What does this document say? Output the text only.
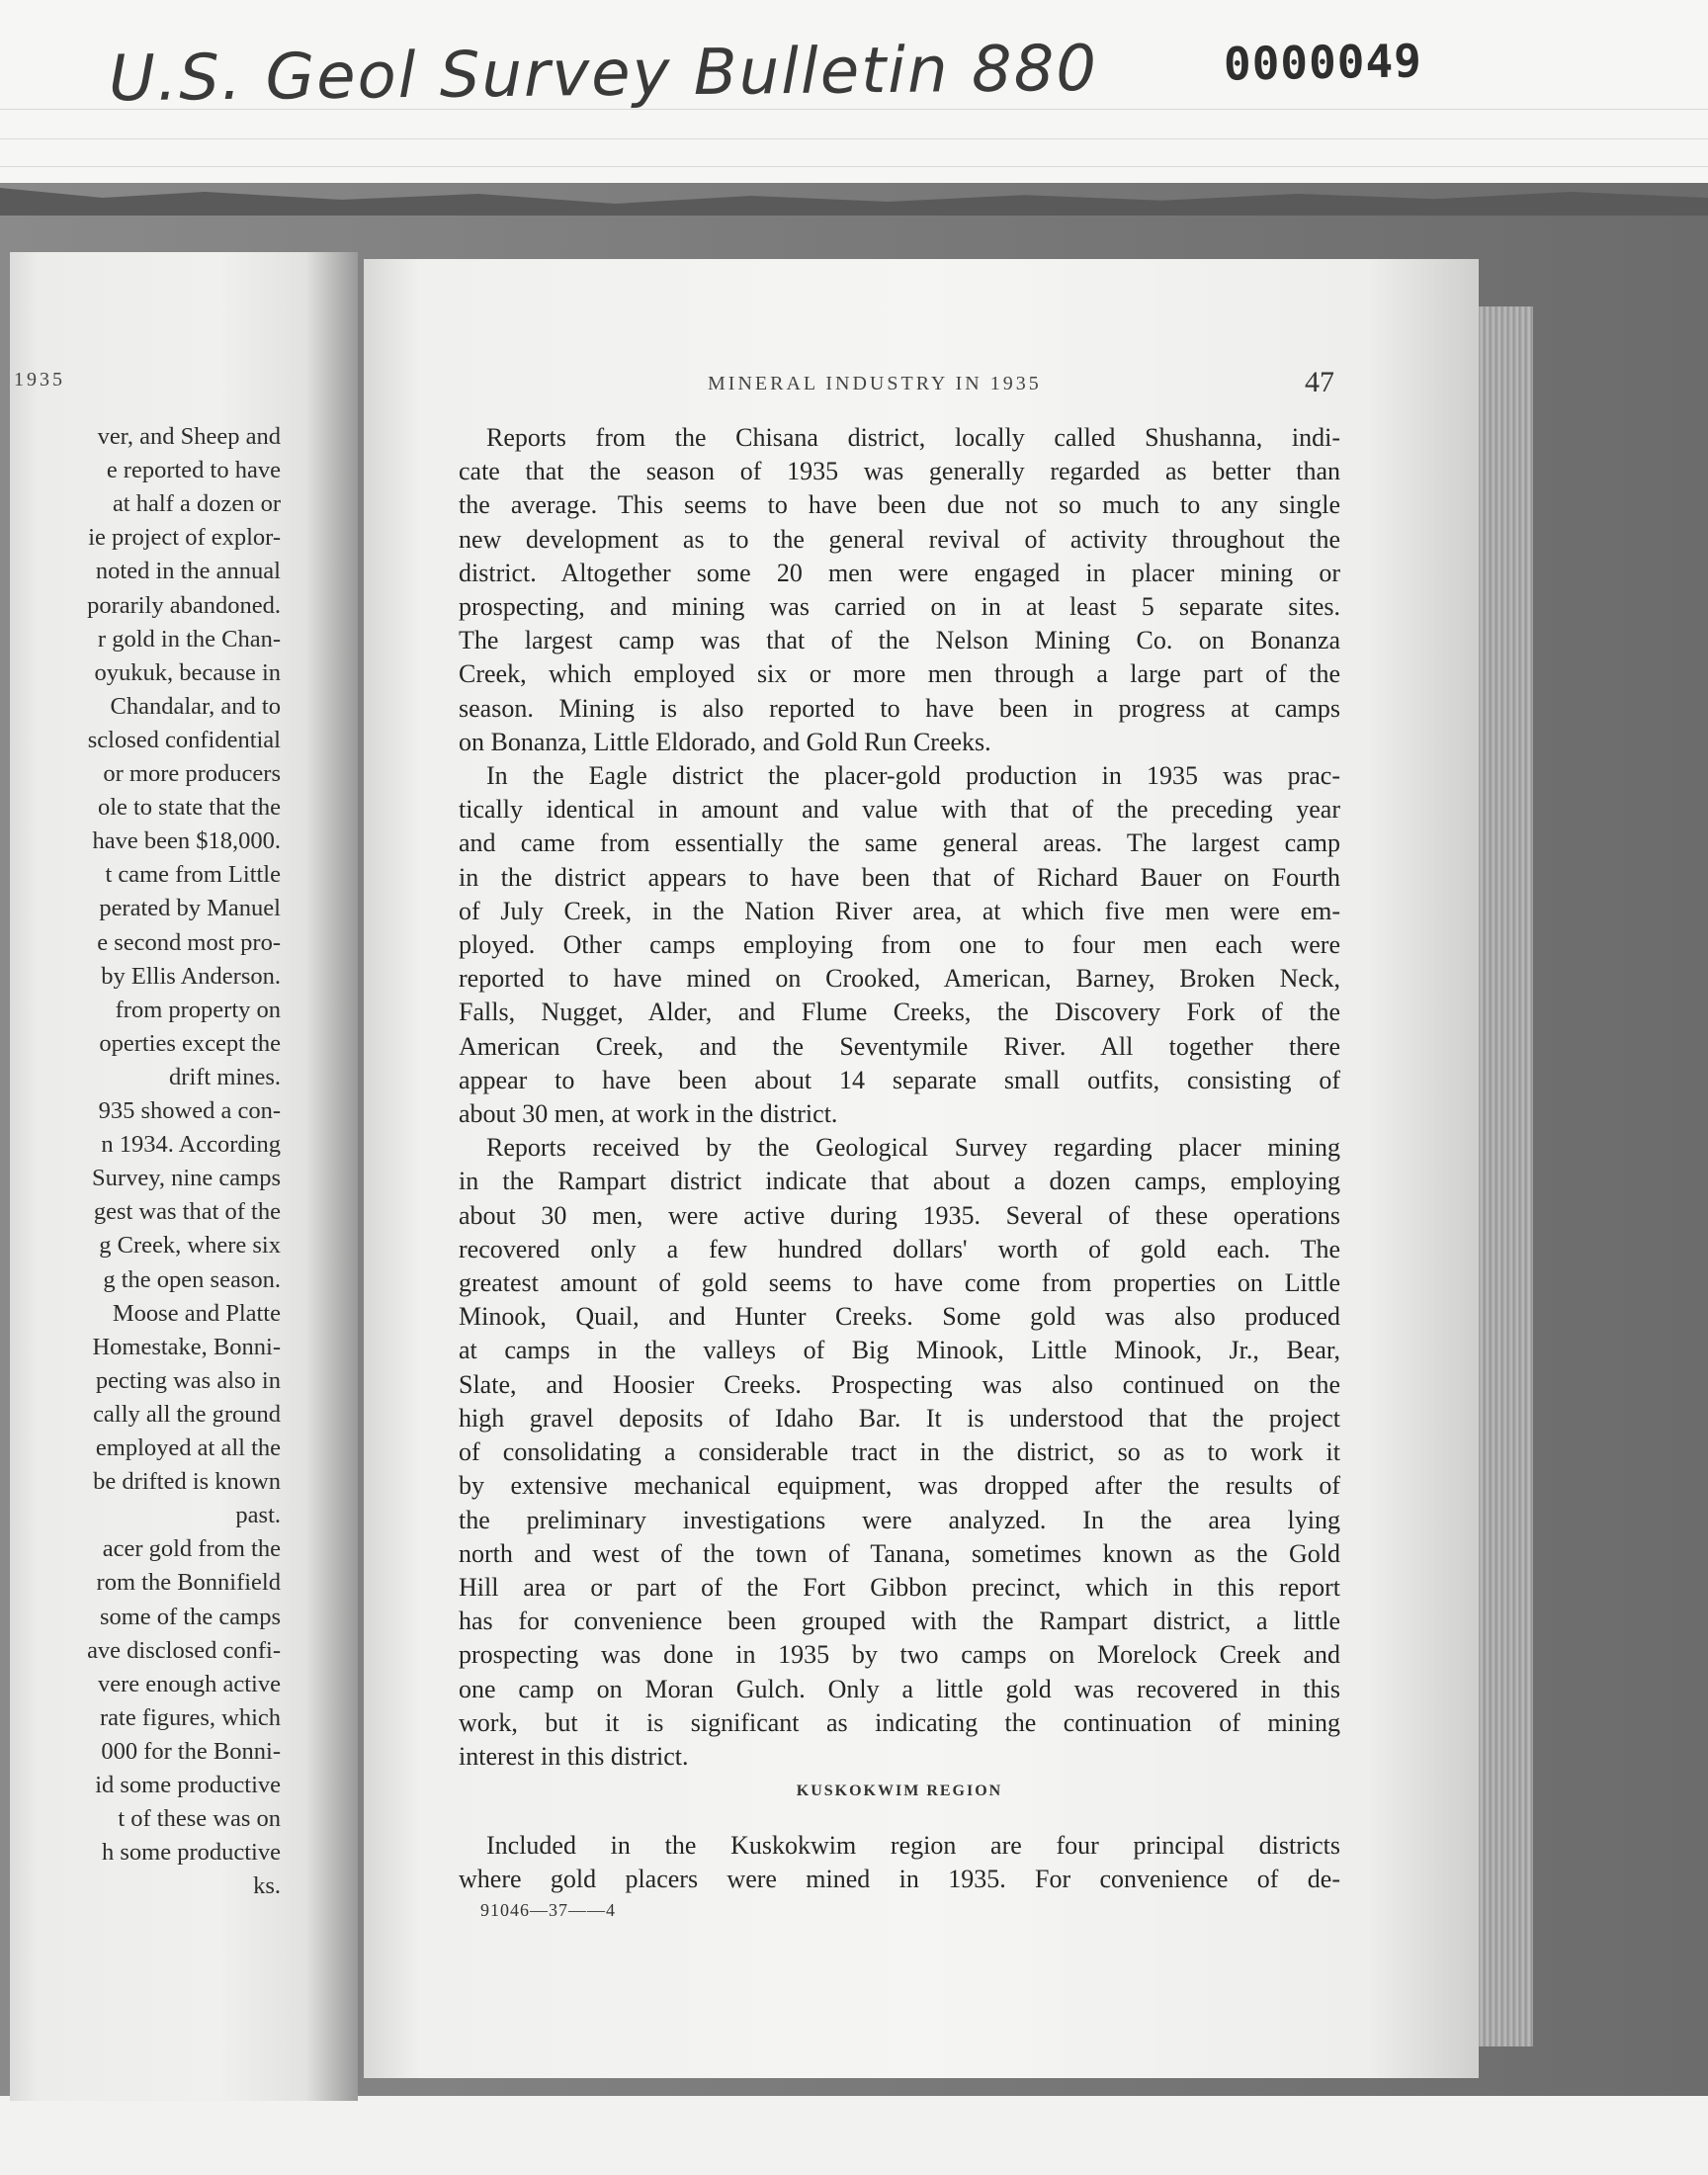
U.S. Geol Survey Bulletin 880	0000049
1935
ver, and Sheep and
e reported to have
at half a dozen or
ie project of explor-
noted in the annual
porarily abandoned.
r gold in the Chan-
oyukuk, because in
Chandalar, and to
sclosed confidential
or more producers
ole to state that the
have been $18,000.
t came from Little
perated by Manuel
e second most pro-
by Ellis Anderson.
from property on
operties except the
drift mines.
935 showed a con-
n 1934. According
Survey, nine camps
gest was that of the
g Creek, where six
g the open season.
Moose and Platte
Homestake, Bonni-
pecting was also in
cally all the ground
employed at all the
be drifted is known
past.
acer gold from the
rom the Bonnifield
some of the camps
ave disclosed confi-
vere enough active
rate figures, which
000 for the Bonni-
id some productive
t of these was on
h some productive
ks.
MINERAL INDUSTRY IN 1935	47
Reports from the Chisana district, locally called Shushanna, indi-
cate that the season of 1935 was generally regarded as better than
the average. This seems to have been due not so much to any single
new development as to the general revival of activity throughout the
district. Altogether some 20 men were engaged in placer mining or
prospecting, and mining was carried on in at least 5 separate sites.
The largest camp was that of the Nelson Mining Co. on Bonanza
Creek, which employed six or more men through a large part of the
season. Mining is also reported to have been in progress at camps
on Bonanza, Little Eldorado, and Gold Run Creeks.
In the Eagle district the placer-gold production in 1935 was prac-
tically identical in amount and value with that of the preceding year
and came from essentially the same general areas. The largest camp
in the district appears to have been that of Richard Bauer on Fourth
of July Creek, in the Nation River area, at which five men were em-
ployed. Other camps employing from one to four men each were
reported to have mined on Crooked, American, Barney, Broken Neck,
Falls, Nugget, Alder, and Flume Creeks, the Discovery Fork of the
American Creek, and the Seventymile River. All together there
appear to have been about 14 separate small outfits, consisting of
about 30 men, at work in the district.
Reports received by the Geological Survey regarding placer mining
in the Rampart district indicate that about a dozen camps, employing
about 30 men, were active during 1935. Several of these operations
recovered only a few hundred dollars' worth of gold each. The
greatest amount of gold seems to have come from properties on Little
Minook, Quail, and Hunter Creeks. Some gold was also produced
at camps in the valleys of Big Minook, Little Minook, Jr., Bear,
Slate, and Hoosier Creeks. Prospecting was also continued on the
high gravel deposits of Idaho Bar. It is understood that the project
of consolidating a considerable tract in the district, so as to work it
by extensive mechanical equipment, was dropped after the results of
the preliminary investigations were analyzed. In the area lying
north and west of the town of Tanana, sometimes known as the Gold
Hill area or part of the Fort Gibbon precinct, which in this report
has for convenience been grouped with the Rampart district, a little
prospecting was done in 1935 by two camps on Morelock Creek and
one camp on Moran Gulch. Only a little gold was recovered in this
work, but it is significant as indicating the continuation of mining
interest in this district.
KUSKOKWIM REGION
Included in the Kuskokwim region are four principal districts
where gold placers were mined in 1935. For convenience of de-
91046—37——4
